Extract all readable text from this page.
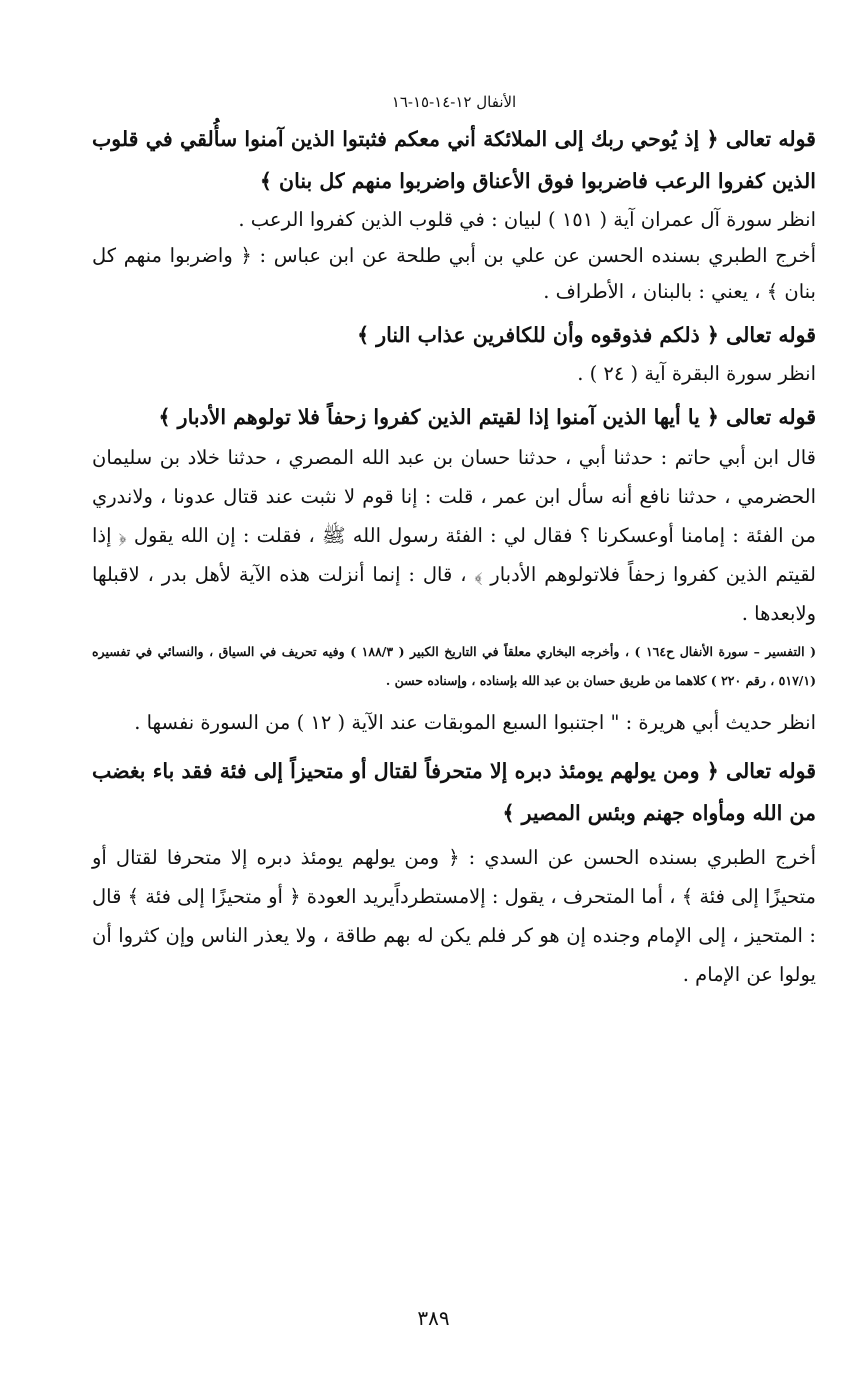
الأنفال ١٢-١٤-١٥-١٦

قوله تعالى ﴿ إذ يُوحي ربك إلى الملائكة أني معكم فثبتوا الذين آمنوا سأُلقي في قلوب الذين كفروا الرعب فاضربوا فوق الأعناق واضربوا منهم كل بنان ﴾

انظر سورة آل عمران آية ( ١٥١ ) لبيان : في قلوب الذين كفروا الرعب .

أخرج الطبري بسنده الحسن عن علي بن أبي طلحة عن ابن عباس : ﴿ واضربوا منهم كل بنان ﴾ ، يعني : بالبنان ، الأطراف .

قوله تعالى ﴿ ذلكم فذوقوه وأن للكافرين عذاب النار ﴾

انظر سورة البقرة آية ( ٢٤ ) .

قوله تعالى ﴿ يا أيها الذين آمنوا إذا لقيتم الذين كفروا زحفاً فلا تولوهم الأدبار ﴾

قال ابن أبي حاتم : حدثنا أبي ، حدثنا حسان بن عبد الله المصري ، حدثنا خلاد بن سليمان الحضرمي ، حدثنا نافع أنه سأل ابن عمر ، قلت : إنا قوم لا نثبت عند قتال عدونا ، ولاندري من الفئة : إمامنا أوعسكرنا ؟ فقال لي : الفئة رسول الله ﷺ ، فقلت : إن الله يقول ﴿ إذا لقيتم الذين كفروا زحفاً فلاتولوهم الأدبار ﴾ ، قال : إنما أنزلت هذه الآية لأهل بدر ، لاقبلها ولابعدها .

( التفسير – سورة الأنفال ح١٦٤ ) ، وأخرجه البخاري معلقاً في التاريخ الكبير ( ١٨٨/٣ ) وفيه تحريف في السياق ، والنسائي في تفسيره (٥١٧/١ ، رقم ٢٢٠ ) كلاهما من طريق حسان بن عبد الله بإسناده ، وإسناده حسن .

انظر حديث أبي هريرة : " اجتنبوا السبع الموبقات عند الآية ( ١٢ ) من السورة نفسها .

قوله تعالى ﴿ ومن يولهم يومئذ دبره إلا متحرفاً لقتال أو متحيزاً إلى فئة فقد باء بغضب من الله ومأواه جهنم وبئس المصير ﴾

أخرج الطبري بسنده الحسن عن السدي : ﴿ ومن يولهم يومئذ دبره إلا متحرفا لقتال أو متحيزًا إلى فئة ﴾ ، أما المتحرف ، يقول : إلامستطرداًيريد العودة ﴿ أو متحيزًا إلى فئة ﴾ قال : المتحيز ، إلى الإمام وجنده إن هو كر فلم يكن له بهم طاقة ، ولا يعذر الناس وإن كثروا أن يولوا عن الإمام .

٣٨٩
